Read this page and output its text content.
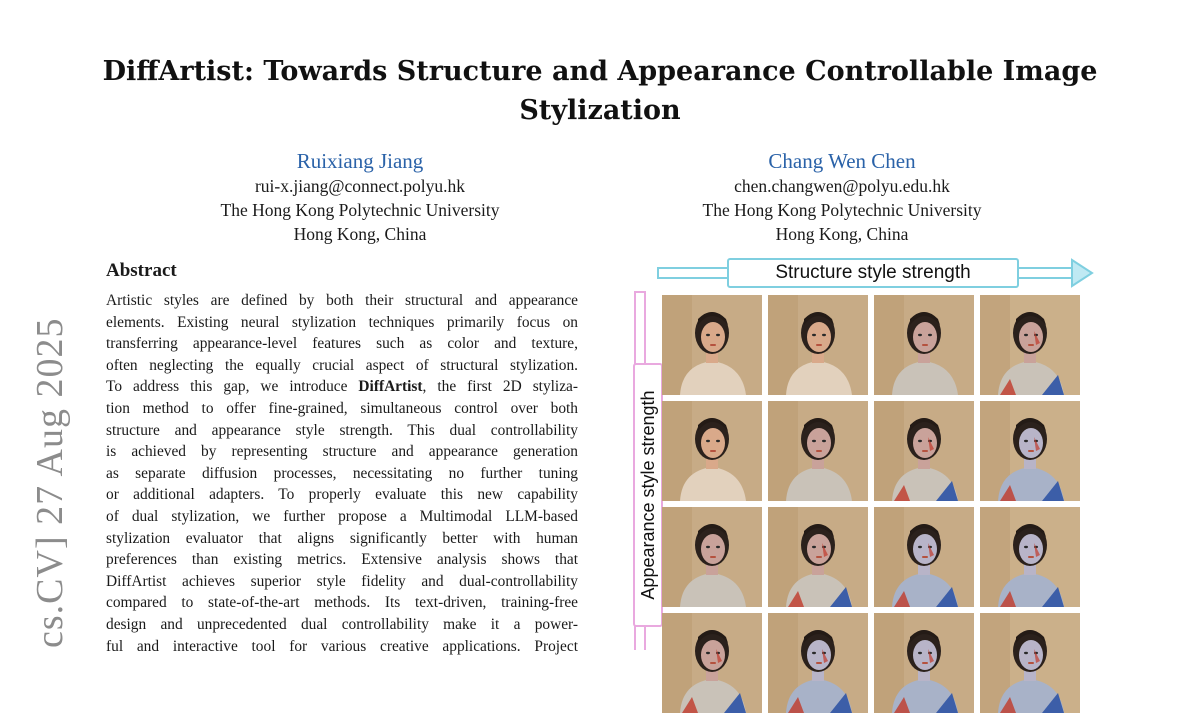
DiffArtist: Towards Structure and Appearance Controllable Image Stylization
Ruixiang Jiang
rui-x.jiang@connect.polyu.hk
The Hong Kong Polytechnic University
Hong Kong, China
Chang Wen Chen
chen.changwen@polyu.edu.hk
The Hong Kong Polytechnic University
Hong Kong, China
Abstract
Artistic styles are defined by both their structural and appearance
elements. Existing neural stylization techniques primarily focus on
transferring appearance-level features such as color and texture,
often neglecting the equally crucial aspect of structural stylization.
To address this gap, we introduce DiffArtist, the first 2D styliza-
tion method to offer fine-grained, simultaneous control over both
structure and appearance style strength. This dual controllability
is achieved by representing structure and appearance generation
as separate diffusion processes, necessitating no further tuning
or additional adapters. To properly evaluate this new capability
of dual stylization, we further propose a Multimodal LLM-based
stylization evaluator that aligns significantly better with human
preferences than existing metrics. Extensive analysis shows that
DiffArtist achieves superior style fidelity and dual-controllability
compared to state-of-the-art methods. Its text-driven, training-free
design and unprecedented dual controllability make it a power-
ful and interactive tool for various creative applications. Project
cs.CV] 27 Aug 2025
Structure style strength
Appearance style strength
